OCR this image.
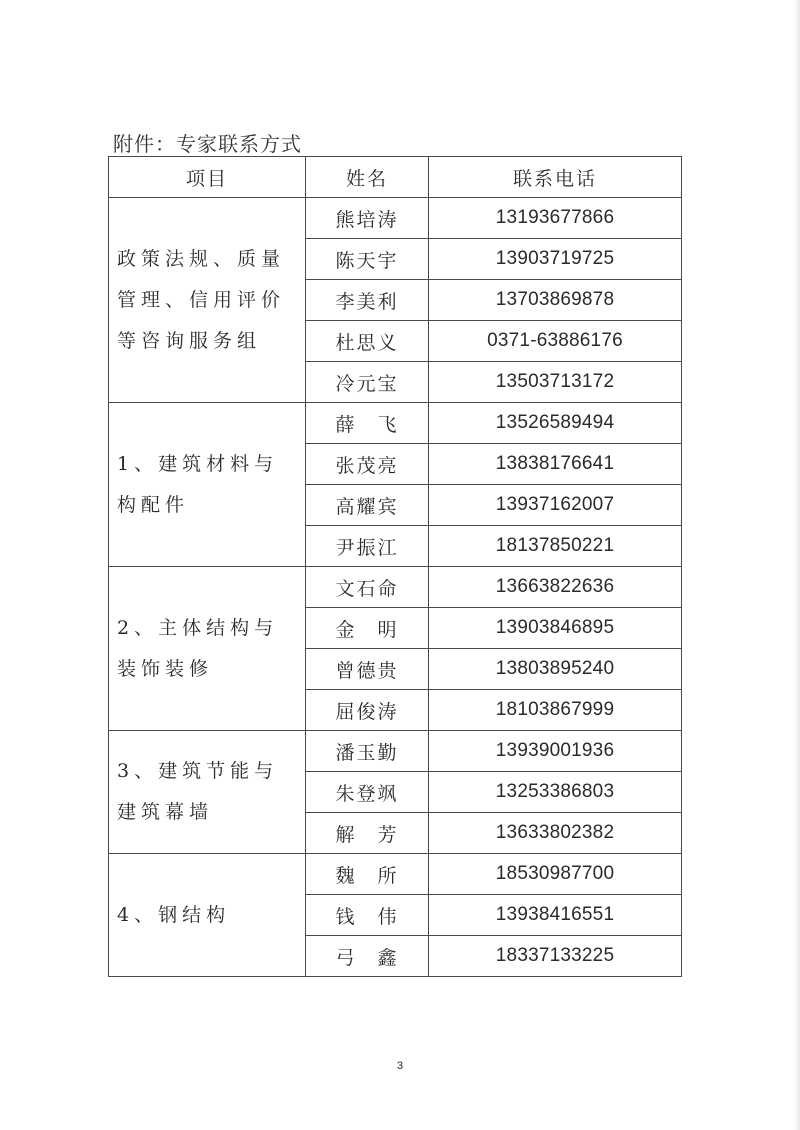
附件：专家联系方式
项目	姓名	联系电话
政策法规、质量管理、信用评价等咨询服务组	熊培涛	13193677866
	陈天宇	13903719725
	李美利	13703869878
	杜思义	0371-63886176
	冷元宝	13503713172
1、建筑材料与构配件	薛　飞	13526589494
	张茂亮	13838176641
	高耀宾	13937162007
	尹振江	18137850221
2、主体结构与装饰装修	文石命	13663822636
	金　明	13903846895
	曾德贵	13803895240
	屈俊涛	18103867999
3、建筑节能与建筑幕墙	潘玉勤	13939001936
	朱登飒	13253386803
	解　芳	13633802382
4、钢结构	魏　所	18530987700
	钱　伟	13938416551
	弓　鑫	18337133225
3
